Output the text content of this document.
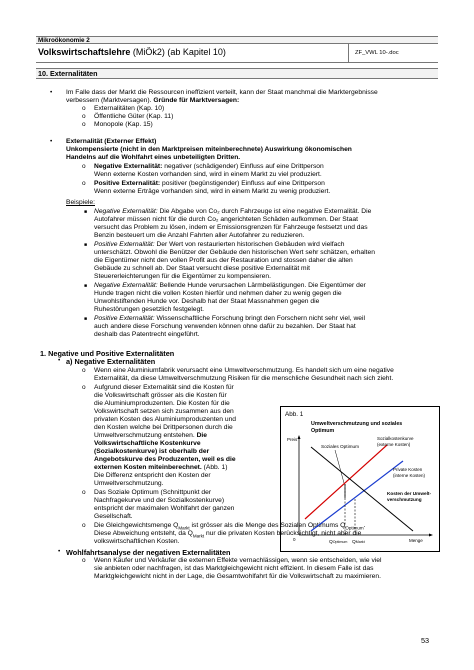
Mikroökonomie 2
Volkswirtschaftslehre (MiÖk2) (ab Kapitel 10)	ZF_VWL 10-.doc
10. Externalitäten
• Im Falle dass der Markt die Ressourcen ineffizient verteilt, kann der Staat manchmal die Marktergebnisse
verbessern (Marktversagen). Gründe für Marktversagen:
o Externalitäten (Kap. 10)
o Öffentliche Güter (Kap. 11)
o Monopole (Kap. 15)
• Externalität (Externer Effekt)
Unkompensierte (nicht in den Marktpreisen miteinberechnete) Auswirkung ökonomischen
Handelns auf die Wohlfahrt eines unbeteiligten Dritten.
o Negative Externalität: negativer (schädigender) Einfluss auf eine Drittperson
Wenn externe Kosten vorhanden sind, wird in einem Markt zu viel produziert.
o Positive Externalität: positiver (begünstigender) Einfluss auf eine Drittperson
Wenn externe Erträge vorhanden sind, wird in einem Markt zu wenig produziert.
Beispiele:
■ Negative Externalität: Die Abgabe von Co₂ durch Fahrzeuge ist eine negative Externalität. Die
Autofahrer müssen nicht für die durch Co₂ angerichteten Schäden aufkommen. Der Staat
versucht das Problem zu lösen, indem er Emissionsgrenzen für Fahrzeuge festsetzt und das
Benzin besteuert um die Anzahl Fahrten aller Autofahrer zu reduzieren.
■ Positive Externalität: Der Wert von restaurierten historischen Gebäuden wird vielfach
unterschätzt. Obwohl die Benützer der Gebäude den historischen Wert sehr schätzen, erhalten
die Eigentümer nicht den vollen Profit aus der Restauration und stossen daher die alten
Gebäude zu schnell ab. Der Staat versucht diese positive Externalität mit
Steuererleichterungen für die Eigentümer zu kompensieren.
■ Negative Externalität: Bellende Hunde verursachen Lärmbelästigungen. Die Eigentümer der
Hunde tragen nicht die vollen Kosten hierfür und nehmen daher zu wenig gegen die
Unwohlstiftenden Hunde vor. Deshalb hat der Staat Massnahmen gegen die
Ruhestörungen gesetzlich festgelegt.
■ Positive Externalität: Wissenschaftliche Forschung bringt den Forschern nicht sehr viel, weil
auch andere diese Forschung verwenden können ohne dafür zu bezahlen. Der Staat hat
deshalb das Patentrecht eingeführt.
1. Negative und Positive Externalitäten
• a) Negative Externalitäten
o Wenn eine Aluminiumfabrik verursacht eine Umweltverschmutzung. Es handelt sich um eine negative
Externalität, da diese Umweltverschmutzung Risiken für die menschliche Gesundheit nach sich zieht.
o Aufgrund dieser Externalität sind die Kosten für
die Volkswirtschaft grösser als die Kosten für
die Aluminiumproduzenten. Die Kosten für die
Volkswirtschaft setzen sich zusammen aus den
privaten Kosten des Aluminiumproduzenten und
den Kosten welche bei Drittpersonen durch die
Umweltverschmutzung entstehen. Die
Volkswirtschaftliche Kostenkurve
(Sozialkostenkurve) ist oberhalb der
Angebotskurve des Produzenten, weil es die
externen Kosten miteinberechnet. (Abb. 1)
Die Differenz entspricht den Kosten der
Umweltverschmutzung.
o Das Soziale Optimum (Schnittpunkt der
Nachfragekurve und der Sozialkostenkurve)
entspricht der maximalen Wohlfahrt der ganzen
Gesellschaft.
o Die Gleichgewichtsmenge $Q_{Markt}$ ist grösser als die Menge des Sozialen Optimums $Q_{Optimum}$.
Diese Abweichung entsteht, da $Q_{Markt}$ nur die privaten Kosten berücksichtigt, nicht aber die
volkswirtschaftlichen Kosten.
• Wohlfahrtsanalyse der negativen Externalitäten
o Wenn Käufer und Verkäufer die externen Effekte vernachlässigen, wenn sie entscheiden, wie viel
sie anbieten oder nachfragen, ist das Marktgleichgewicht nicht effizient. In diesem Falle ist das
Marktgleichgewicht nicht in der Lage, die Gesamtwohlfahrt für die Volkswirtschaft zu maximieren.
Abb. 1
Umweltverschmutzung und soziales
Optimum
Preis
0	Menge
Sozialkostenkurve
(externe Kosten)
Soziales Optimum
Private Kosten
(interne Kosten)
Kosten der Umwelt-
verschmutzung
QOptimum QMarkt
53
